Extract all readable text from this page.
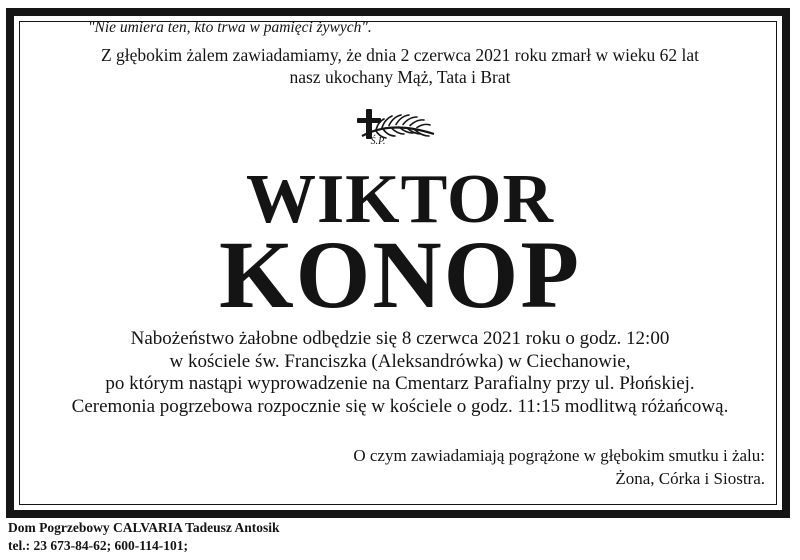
"Nie umiera ten, kto trwa w pamięci żywych".
Z głębokim żalem zawiadamiamy, że dnia 2 czerwca 2021 roku zmarł w wieku 62 lat
nasz ukochany Mąż, Tata i Brat
Ś.P.
WIKTOR
KONOP
Nabożeństwo żałobne odbędzie się 8 czerwca 2021 roku o godz. 12:00
w kościele św. Franciszka (Aleksandrówka) w Ciechanowie,
po którym nastąpi wyprowadzenie na Cmentarz Parafialny przy ul. Płońskiej.
Ceremonia pogrzebowa rozpocznie się w kościele o godz. 11:15 modlitwą różańcową.
O czym zawiadamiają pogrążone w głębokim smutku i żalu:
Żona, Córka i Siostra.
Dom Pogrzebowy CALVARIA Tadeusz Antosik
tel.: 23 673-84-62; 600-114-101;
